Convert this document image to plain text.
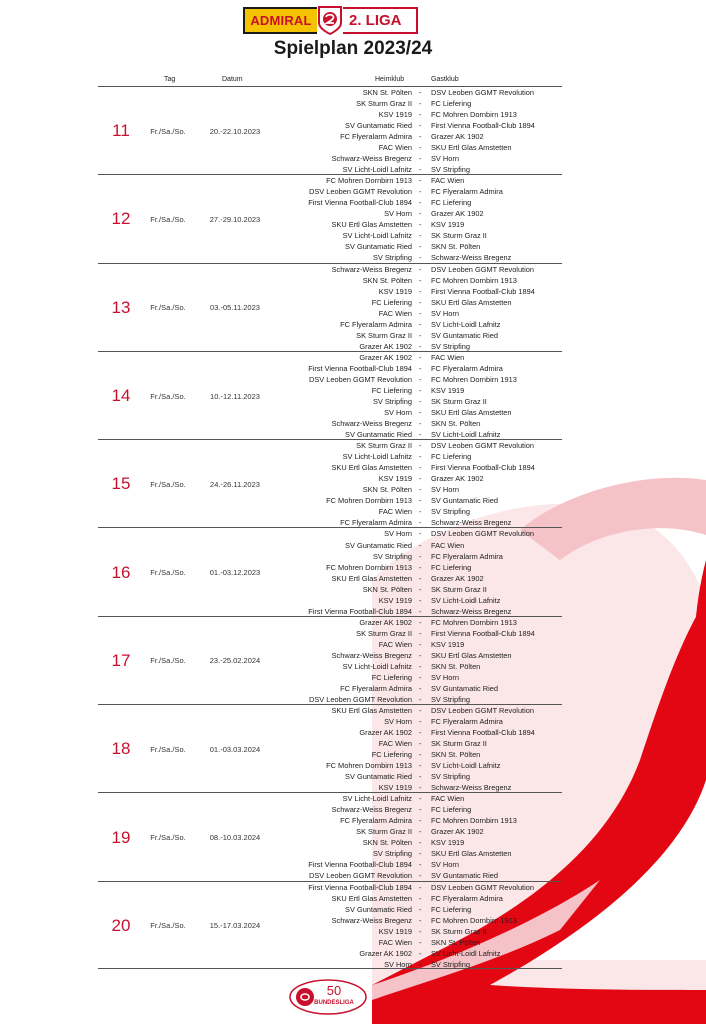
ADMIRAL	2. LIGA
Spielplan 2023/24
Tag	Datum	Heimklub	Gastklub
11	Fr./Sa./So.	20.-22.10.2023
SKN St. Pölten - DSV Leoben GGMT Revolution
SK Sturm Graz II - FC Liefering
KSV 1919 - FC Mohren Dornbirn 1913
SV Guntamatic Ried - First Vienna Football-Club 1894
FC Flyeralarm Admira - Grazer AK 1902
FAC Wien - SKU Ertl Glas Amstetten
Schwarz-Weiss Bregenz - SV Horn
SV Licht-Loidl Lafnitz - SV Stripfing
12	Fr./Sa./So.	27.-29.10.2023
FC Mohren Dornbirn 1913 - FAC Wien
DSV Leoben GGMT Revolution - FC Flyeralarm Admira
First Vienna Football-Club 1894 - FC Liefering
SV Horn - Grazer AK 1902
SKU Ertl Glas Amstetten - KSV 1919
SV Licht-Loidl Lafnitz - SK Sturm Graz II
SV Guntamatic Ried - SKN St. Pölten
SV Stripfing - Schwarz-Weiss Bregenz
13	Fr./Sa./So.	03.-05.11.2023
Schwarz-Weiss Bregenz - DSV Leoben GGMT Revolution
SKN St. Pölten - FC Mohren Dornbirn 1913
KSV 1919 - First Vienna Football-Club 1894
FC Liefering - SKU Ertl Glas Amstetten
FAC Wien - SV Horn
FC Flyeralarm Admira - SV Licht-Loidl Lafnitz
SK Sturm Graz II - SV Guntamatic Ried
Grazer AK 1902 - SV Stripfing
14	Fr./Sa./So.	10.-12.11.2023
Grazer AK 1902 - FAC Wien
First Vienna Football-Club 1894 - FC Flyeralarm Admira
DSV Leoben GGMT Revolution - FC Mohren Dornbirn 1913
FC Liefering - KSV 1919
SV Stripfing - SK Sturm Graz II
SV Horn - SKU Ertl Glas Amstetten
Schwarz-Weiss Bregenz - SKN St. Pölten
SV Guntamatic Ried - SV Licht-Loidl Lafnitz
15	Fr./Sa./So.	24.-26.11.2023
SK Sturm Graz II - DSV Leoben GGMT Revolution
SV Licht-Loidl Lafnitz - FC Liefering
SKU Ertl Glas Amstetten - First Vienna Football-Club 1894
KSV 1919 - Grazer AK 1902
SKN St. Pölten - SV Horn
FC Mohren Dornbirn 1913 - SV Guntamatic Ried
FAC Wien - SV Stripfing
FC Flyeralarm Admira - Schwarz-Weiss Bregenz
16	Fr./Sa./So.	01.-03.12.2023
SV Horn - DSV Leoben GGMT Revolution
SV Guntamatic Ried - FAC Wien
SV Stripfing - FC Flyeralarm Admira
FC Mohren Dornbirn 1913 - FC Liefering
SKU Ertl Glas Amstetten - Grazer AK 1902
SKN St. Pölten - SK Sturm Graz II
KSV 1919 - SV Licht-Loidl Lafnitz
First Vienna Football-Club 1894 - Schwarz-Weiss Bregenz
17	Fr./Sa./So.	23.-25.02.2024
Grazer AK 1902 - FC Mohren Dornbirn 1913
SK Sturm Graz II - First Vienna Football-Club 1894
FAC Wien - KSV 1919
Schwarz-Weiss Bregenz - SKU Ertl Glas Amstetten
SV Licht-Loidl Lafnitz - SKN St. Pölten
FC Liefering - SV Horn
FC Flyeralarm Admira - SV Guntamatic Ried
DSV Leoben GGMT Revolution - SV Stripfing
18	Fr./Sa./So.	01.-03.03.2024
SKU Ertl Glas Amstetten - DSV Leoben GGMT Revolution
SV Horn - FC Flyeralarm Admira
Grazer AK 1902 - First Vienna Football-Club 1894
FAC Wien - SK Sturm Graz II
FC Liefering - SKN St. Pölten
FC Mohren Dornbirn 1913 - SV Licht-Loidl Lafnitz
SV Guntamatic Ried - SV Stripfing
KSV 1919 - Schwarz-Weiss Bregenz
19	Fr./Sa./So.	08.-10.03.2024
SV Licht-Loidl Lafnitz - FAC Wien
Schwarz-Weiss Bregenz - FC Liefering
FC Flyeralarm Admira - FC Mohren Dornbirn 1913
SK Sturm Graz II - Grazer AK 1902
SKN St. Pölten - KSV 1919
SV Stripfing - SKU Ertl Glas Amstetten
First Vienna Football-Club 1894 - SV Horn
DSV Leoben GGMT Revolution - SV Guntamatic Ried
20	Fr./Sa./So.	15.-17.03.2024
First Vienna Football-Club 1894 - DSV Leoben GGMT Revolution
SKU Ertl Glas Amstetten - FC Flyeralarm Admira
SV Guntamatic Ried - FC Liefering
Schwarz-Weiss Bregenz - FC Mohren Dornbirn 1913
KSV 1919 - SK Sturm Graz II
FAC Wien - SKN St. Pölten
Grazer AK 1902 - SV Licht-Loidl Lafnitz
SV Horn - SV Stripfing
50
BUNDESLIGA
